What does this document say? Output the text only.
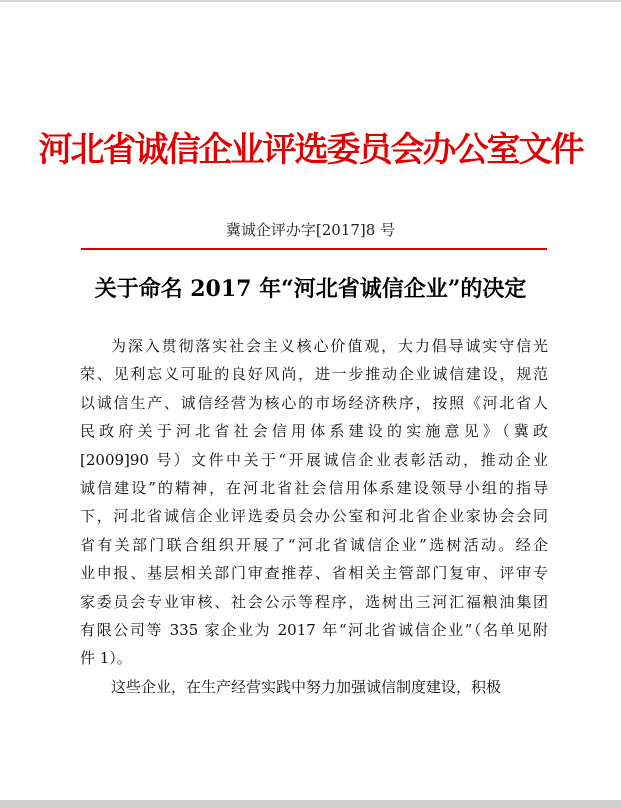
河北省诚信企业评选委员会办公室文件
冀诚企评办字[2017]8 号
关于命名 2017 年“河北省诚信企业”的决定
为深入贯彻落实社会主义核心价值观，大力倡导诚实守信光
荣、见利忘义可耻的良好风尚，进一步推动企业诚信建设，规范
以诚信生产、诚信经营为核心的市场经济秩序，按照《河北省人
民政府关于河北省社会信用体系建设的实施意见》（冀政
[2009]90 号）文件中关于“开展诚信企业表彰活动，推动企业
诚信建设”的精神，在河北省社会信用体系建设领导小组的指导
下，河北省诚信企业评选委员会办公室和河北省企业家协会会同
省有关部门联合组织开展了“河北省诚信企业”选树活动。经企
业申报、基层相关部门审查推荐、省相关主管部门复审、评审专
家委员会专业审核、社会公示等程序，选树出三河汇福粮油集团
有限公司等 335 家企业为 2017 年“河北省诚信企业”（名单见附
件 1）。
这些企业，在生产经营实践中努力加强诚信制度建设，积极
